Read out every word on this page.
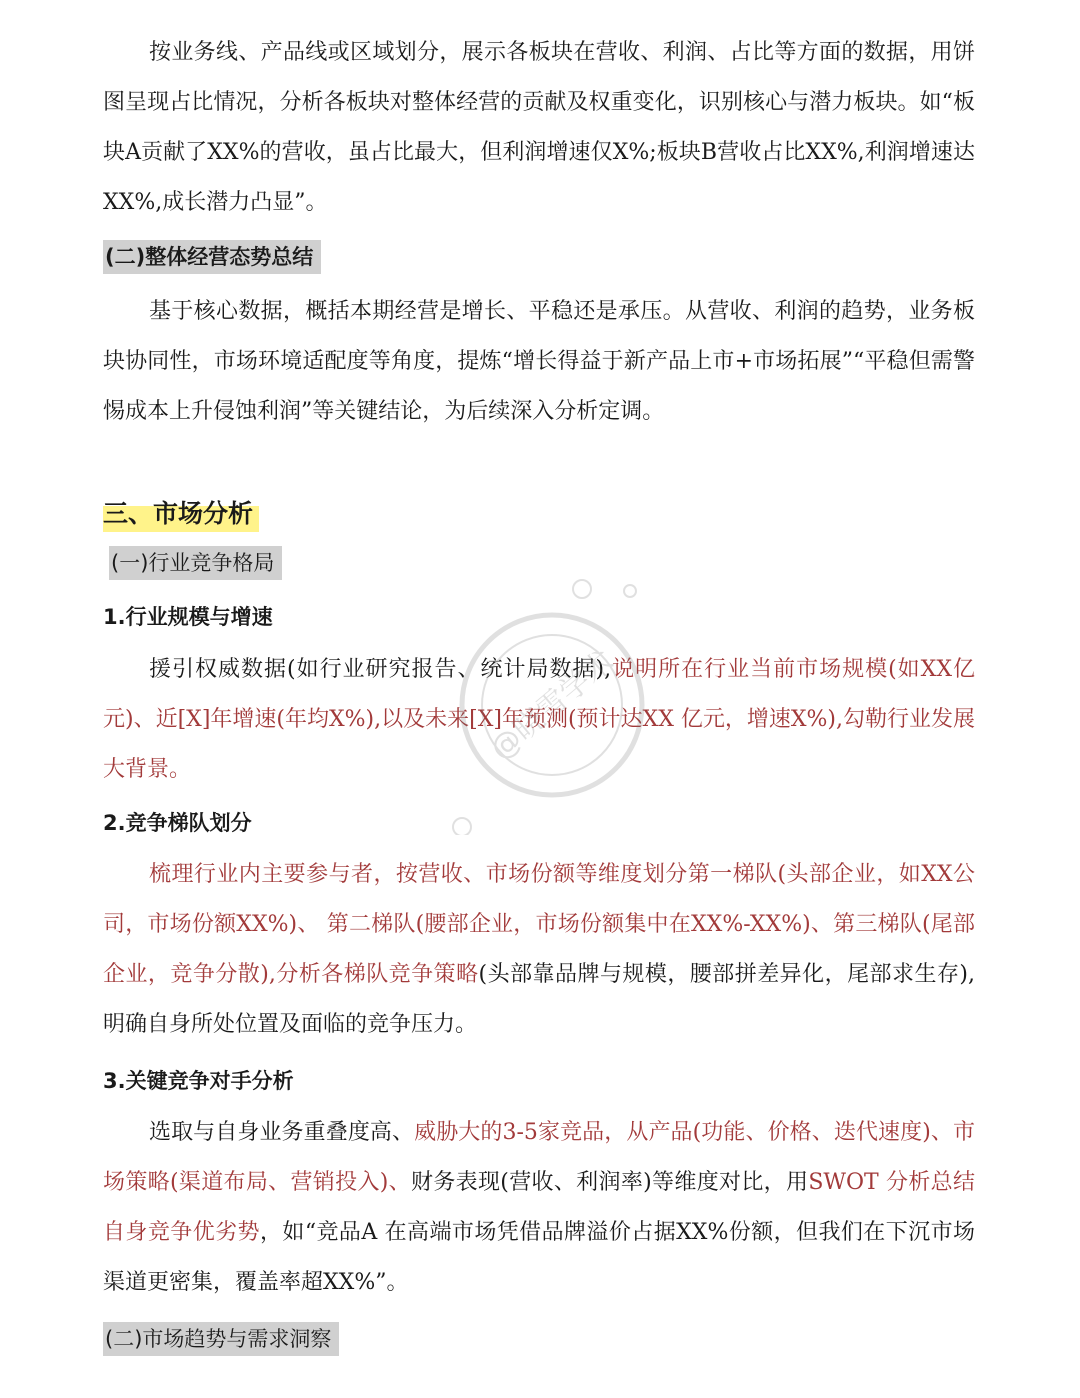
按业务线、产品线或区域划分，展示各板块在营收、利润、占比等方面的数据，用饼图呈现占比情况，分析各板块对整体经营的贡献及权重变化，识别核心与潜力板块。如“板块A贡献了XX%的营收，虽占比最大，但利润增速仅X%;板块B营收占比XX%,利润增速达XX%,成长潜力凸显”。

(二)整体经营态势总结

基于核心数据，概括本期经营是增长、平稳还是承压。从营收、利润的趋势，业务板块协同性，市场环境适配度等角度，提炼“增长得益于新产品上市+市场拓展”“平稳但需警惕成本上升侵蚀利润”等关键结论，为后续深入分析定调。

三、市场分析
(一)行业竞争格局
1.行业规模与增速

援引权威数据(如行业研究报告、统计局数据),说明所在行业当前市场规模(如XX亿元)、近[X]年增速(年均X%),以及未来[X]年预测(预计达XX 亿元，增速X%),勾勒行业发展大背景。

2.竞争梯队划分

梳理行业内主要参与者，按营收、市场份额等维度划分第一梯队(头部企业，如XX公司，市场份额XX%)、 第二梯队(腰部企业，市场份额集中在XX%-XX%)、第三梯队(尾部企业，竞争分散),分析各梯队竞争策略(头部靠品牌与规模，腰部拼差异化，尾部求生存),明确自身所处位置及面临的竞争压力。

3.关键竞争对手分析

选取与自身业务重叠度高、威胁大的3-5家竞品，从产品(功能、价格、迭代速度)、市场策略(渠道布局、营销投入)、财务表现(营收、利润率)等维度对比，用SWOT 分析总结自身竞争优劣势，如“竞品A 在高端市场凭借品牌溢价占据XX%份额，但我们在下沉市场渠道更密集，覆盖率超XX%”。

(二)市场趋势与需求洞察
@晓雪学术
